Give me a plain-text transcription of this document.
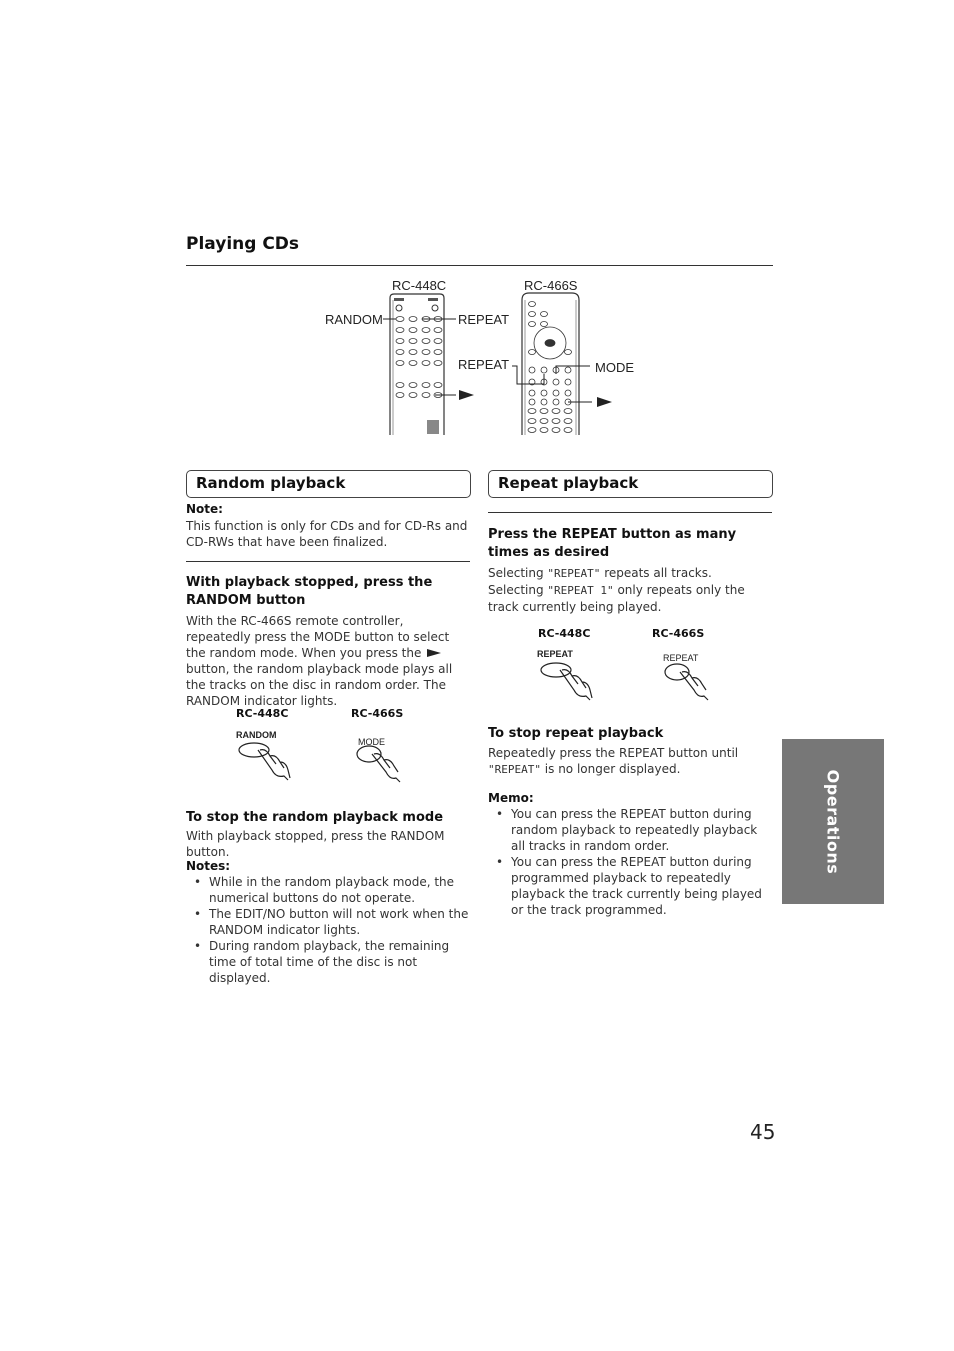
Playing CDs
RC-448C	RC-466S
RANDOM	REPEAT
REPEAT	MODE
Random playback
Note:
This function is only for CDs and for CD-Rs and CD-RWs that have been finalized.
With playback stopped, press the RANDOM button
With the RC-466S remote controller, repeatedly press the MODE button to select the random mode. When you press the  button, the random playback mode plays all the tracks on the disc in random order. The RANDOM indicator lights.
RC-448C	RC-466S
RANDOM
MODE
To stop the random playback mode
With playback stopped, press the RANDOM button.
Notes:
• While in the random playback mode, the numerical buttons do not operate.
• The EDIT/NO button will not work when the RANDOM indicator lights.
• During random playback, the remaining time of total time of the disc is not displayed.
Repeat playback
Press the REPEAT button as many times as desired
Selecting "REPEAT" repeats all tracks.
Selecting "REPEAT 1" only repeats only the track currently being played.
RC-448C	RC-466S
REPEAT	REPEAT
To stop repeat playback
Repeatedly press the REPEAT button until "REPEAT" is no longer displayed.
Memo:
• You can press the REPEAT button during random playback to repeatedly playback all tracks in random order.
• You can press the REPEAT button during programmed playback to repeatedly playback the track currently being played or the track programmed.
Operations
45
